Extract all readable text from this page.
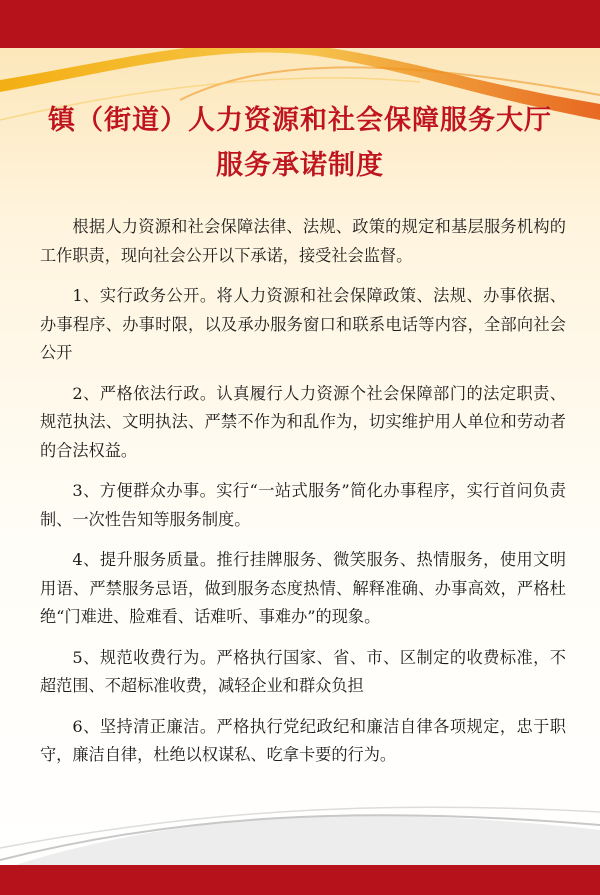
镇（街道）人力资源和社会保障服务大厅
服务承诺制度

根据人力资源和社会保障法律、法规、政策的规定和基层服务机构的工作职责，现向社会公开以下承诺，接受社会监督。

1、实行政务公开。将人力资源和社会保障政策、法规、办事依据、办事程序、办事时限，以及承办服务窗口和联系电话等内容，全部向社会公开

2、严格依法行政。认真履行人力资源个社会保障部门的法定职责、规范执法、文明执法、严禁不作为和乱作为，切实维护用人单位和劳动者的合法权益。

3、方便群众办事。实行“一站式服务”简化办事程序，实行首问负责制、一次性告知等服务制度。

4、提升服务质量。推行挂牌服务、微笑服务、热情服务，使用文明用语、严禁服务忌语，做到服务态度热情、解释准确、办事高效，严格杜绝“门难进、脸难看、话难听、事难办”的现象。

5、规范收费行为。严格执行国家、省、市、区制定的收费标准，不超范围、不超标准收费，减轻企业和群众负担

6、坚持清正廉洁。严格执行党纪政纪和廉洁自律各项规定，忠于职守，廉洁自律，杜绝以权谋私、吃拿卡要的行为。
